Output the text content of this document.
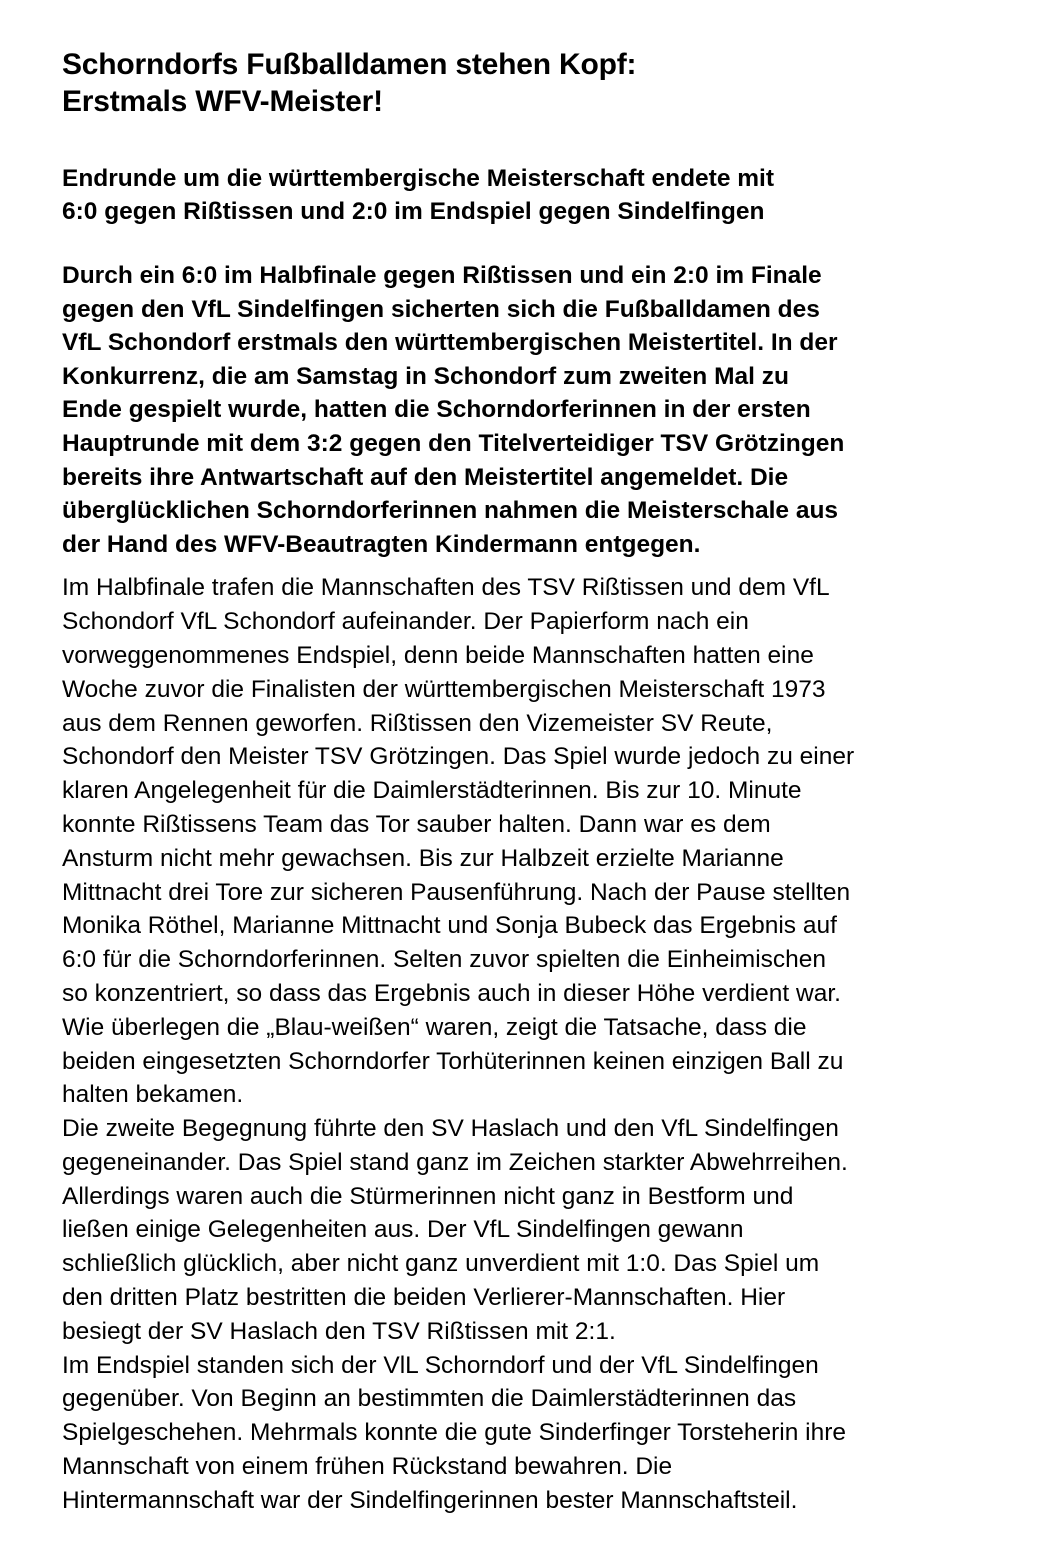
Schorndorfs Fußballdamen stehen Kopf:
Erstmals WFV-Meister!
Endrunde um die württembergische Meisterschaft endete mit
6:0 gegen Rißtissen und 2:0 im Endspiel gegen Sindelfingen
Durch ein 6:0 im Halbfinale gegen Rißtissen und ein 2:0 im Finale
gegen den VfL Sindelfingen sicherten sich die Fußballdamen des
VfL Schondorf erstmals den württembergischen Meistertitel. In der
Konkurrenz, die am Samstag in Schondorf zum zweiten Mal zu
Ende gespielt wurde, hatten die Schorndorferinnen in der ersten
Hauptrunde mit dem 3:2 gegen den Titelverteidiger TSV Grötzingen
bereits ihre Antwartschaft auf den Meistertitel angemeldet. Die
überglücklichen Schorndorferinnen nahmen die Meisterschale aus
der Hand des WFV-Beautragten Kindermann entgegen.
Im Halbfinale trafen die Mannschaften des TSV Rißtissen und dem VfL
Schondorf VfL Schondorf aufeinander. Der Papierform nach ein
vorweggenommenes Endspiel, denn beide Mannschaften hatten eine
Woche zuvor die Finalisten der württembergischen Meisterschaft 1973
aus dem Rennen geworfen. Rißtissen den Vizemeister SV Reute,
Schondorf den Meister TSV Grötzingen. Das Spiel wurde jedoch zu einer
klaren Angelegenheit für die Daimlerstädterinnen. Bis zur 10. Minute
konnte Rißtissens Team das Tor sauber halten. Dann war es dem
Ansturm nicht mehr gewachsen. Bis zur Halbzeit erzielte Marianne
Mittnacht drei Tore zur sicheren Pausenführung. Nach der Pause stellten
Monika Röthel, Marianne Mittnacht und Sonja Bubeck das Ergebnis auf
6:0 für die Schorndorferinnen. Selten zuvor spielten die Einheimischen
so konzentriert, so dass das Ergebnis auch in dieser Höhe verdient war.
Wie überlegen die „Blau-weißen“ waren, zeigt die Tatsache, dass die
beiden eingesetzten Schorndorfer Torhüterinnen keinen einzigen Ball zu
halten bekamen.
Die zweite Begegnung führte den SV Haslach und den VfL Sindelfingen
gegeneinander. Das Spiel stand ganz im Zeichen starkter Abwehrreihen.
Allerdings waren auch die Stürmerinnen nicht ganz in Bestform und
ließen einige Gelegenheiten aus. Der VfL Sindelfingen gewann
schließlich glücklich, aber nicht ganz unverdient mit 1:0. Das Spiel um
den dritten Platz bestritten die beiden Verlierer-Mannschaften. Hier
besiegt der SV Haslach den TSV Rißtissen mit 2:1.
Im Endspiel standen sich der VlL Schorndorf und der VfL Sindelfingen
gegenüber. Von Beginn an bestimmten die Daimlerstädterinnen das
Spielgeschehen. Mehrmals konnte die gute Sinderfinger Torsteherin ihre
Mannschaft von einem frühen Rückstand bewahren. Die
Hintermannschaft war der Sindelfingerinnen bester Mannschaftsteil.
